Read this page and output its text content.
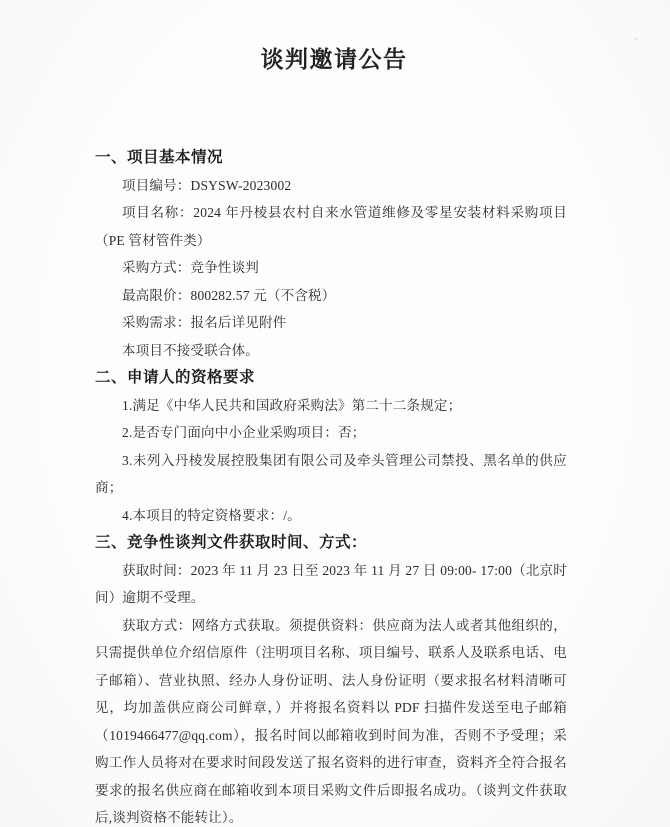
谈判邀请公告
一、项目基本情况

项目编号：DSYSW-2023002

项目名称：2024 年丹棱县农村自来水管道维修及零星安装材料采购项目（PE 管材管件类）

采购方式：竞争性谈判

最高限价：800282.57 元（不含税）

采购需求：报名后详见附件

本项目不接受联合体。

二、申请人的资格要求

1.满足《中华人民共和国政府采购法》第二十二条规定；

2.是否专门面向中小企业采购项目：否；

3.未列入丹棱发展控股集团有限公司及牵头管理公司禁投、黑名单的供应商；

4.本项目的特定资格要求：/。

三、竞争性谈判文件获取时间、方式：

获取时间：2023 年 11 月 23 日至 2023 年 11 月 27 日 09:00- 17:00（北京时间）逾期不受理。

获取方式：网络方式获取。须提供资料：供应商为法人或者其他组织的，只需提供单位介绍信原件（注明项目名称、项目编号、联系人及联系电话、电子邮箱）、营业执照、经办人身份证明、法人身份证明（要求报名材料清晰可见，均加盖供应商公司鲜章，）并将报名资料以 PDF 扫描件发送至电子邮箱（1019466477@qq.com），报名时间以邮箱收到时间为准，否则不予受理；采购工作人员将对在要求时间段发送了报名资料的进行审查，资料齐全符合报名要求的报名供应商在邮箱收到本项目采购文件后即报名成功。（谈判文件获取后,谈判资格不能转让）。
